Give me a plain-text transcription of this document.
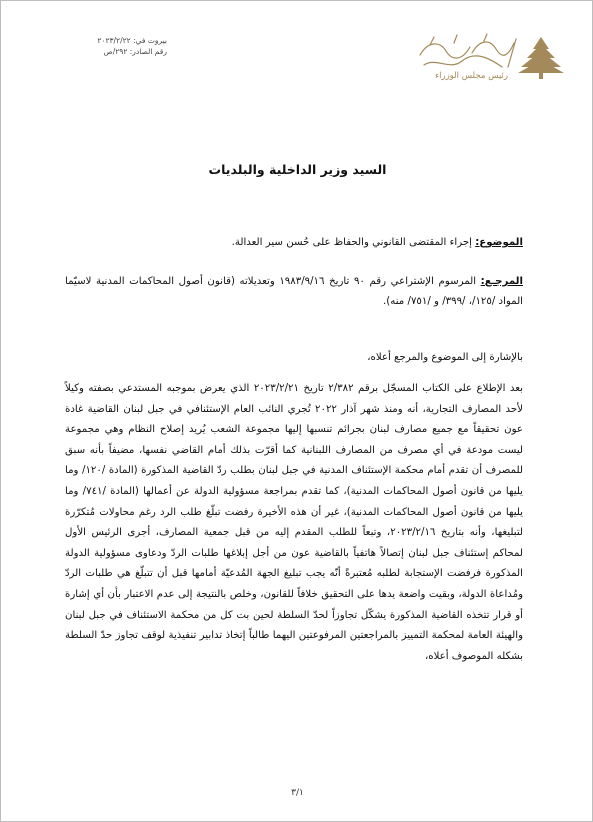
بيروت في: ٢٠٢٣/٢/٢٢
رقم الصادر: ٢٩٢/ص
رئيس مجلس الوزراء
السيد وزير الداخلية والبلديات
الموضوع: إجراء المقتضى القانوني والحفاظ على حُسن سير العدالة.
المرجـع: المرسوم الإشتراعي رقم ٩٠ تاريخ ١٩٨٣/٩/١٦ وتعديلاته (قانون أصول المحاكمات المدنية لاسيّما المواد /١٢٥/، /٣٩٩/ و /٧٥١/ منه).
بالإشارة إلى الموضوع والمرجع أعلاه،
بعد الإطلاع على الكتاب المسجّل برقم ٢/٣٨٢ تاريخ ٢٠٢٣/٢/٢١ الذي يعرض بموجبه المستدعي بصفته وكيلاً لأحد المصارف التجارية، أنه ومنذ شهر آذار ٢٠٢٢ تُجري النائب العام الإستئنافي في جبل لبنان القاضية غادة عون تحقيقاً مع جميع مصارف لبنان بجرائم تنسبها إليها مجموعة الشعب يُريد إصلاح النظام وهي مجموعة ليست مودعة في أي مصرف من المصارف اللبنانية كما أقرّت بذلك أمام القاضي نفسها، مضيفاً بأنه سبق للمصرف أن تقدم أمام محكمة الإستئناف المدنية في جبل لبنان بطلب ردّ القاضية المذكورة (المادة /١٢٠/ وما يليها من قانون أصول المحاكمات المدنية)، كما تقدم بمراجعة مسؤولية الدولة عن أعمالها (المادة /٧٤١/ وما يليها من قانون أصول المحاكمات المدنية)، غير أن هذه الأخيرة رفضت تبلّغ طلب الرد رغم محاولات مُتكرّرة لتبليغها، وأنه بتاريخ ٢٠٢٣/٢/١٦، وتبعاً للطلب المقدم إليه من قبل جمعية المصارف، أجرى الرئيس الأول لمحاكم إستئناف جبل لبنان إتصالاً هاتفياً بالقاضية عون من أجل إبلاغها طلبات الردّ ودعاوى مسؤولية الدولة المذكورة فرفضت الإستجابة لطلبه مُعتبرةً أنّه يجب تبليغ الجهة المُدعيّة أمامها قبل أن تتبلّغ هي طلبات الردّ ومُداعاة الدولة، وبقيت واضعة يدها على التحقيق خلافاً للقانون، وخلص بالنتيجة إلى عدم الاعتبار بأن أي إشارة أو قرار تتخذه القاضية المذكورة يشكّل تجاوزاً لحدّ السلطة لحين بت كل من محكمة الاستئناف في جبل لبنان والهيئة العامة لمحكمة التمييز بالمراجعتين المرفوعتين اليهما طالباً إتخاذ تدابير تنفيذية لوقف تجاوز حدّ السلطة بشكله الموصوف أعلاه،
٣/١
